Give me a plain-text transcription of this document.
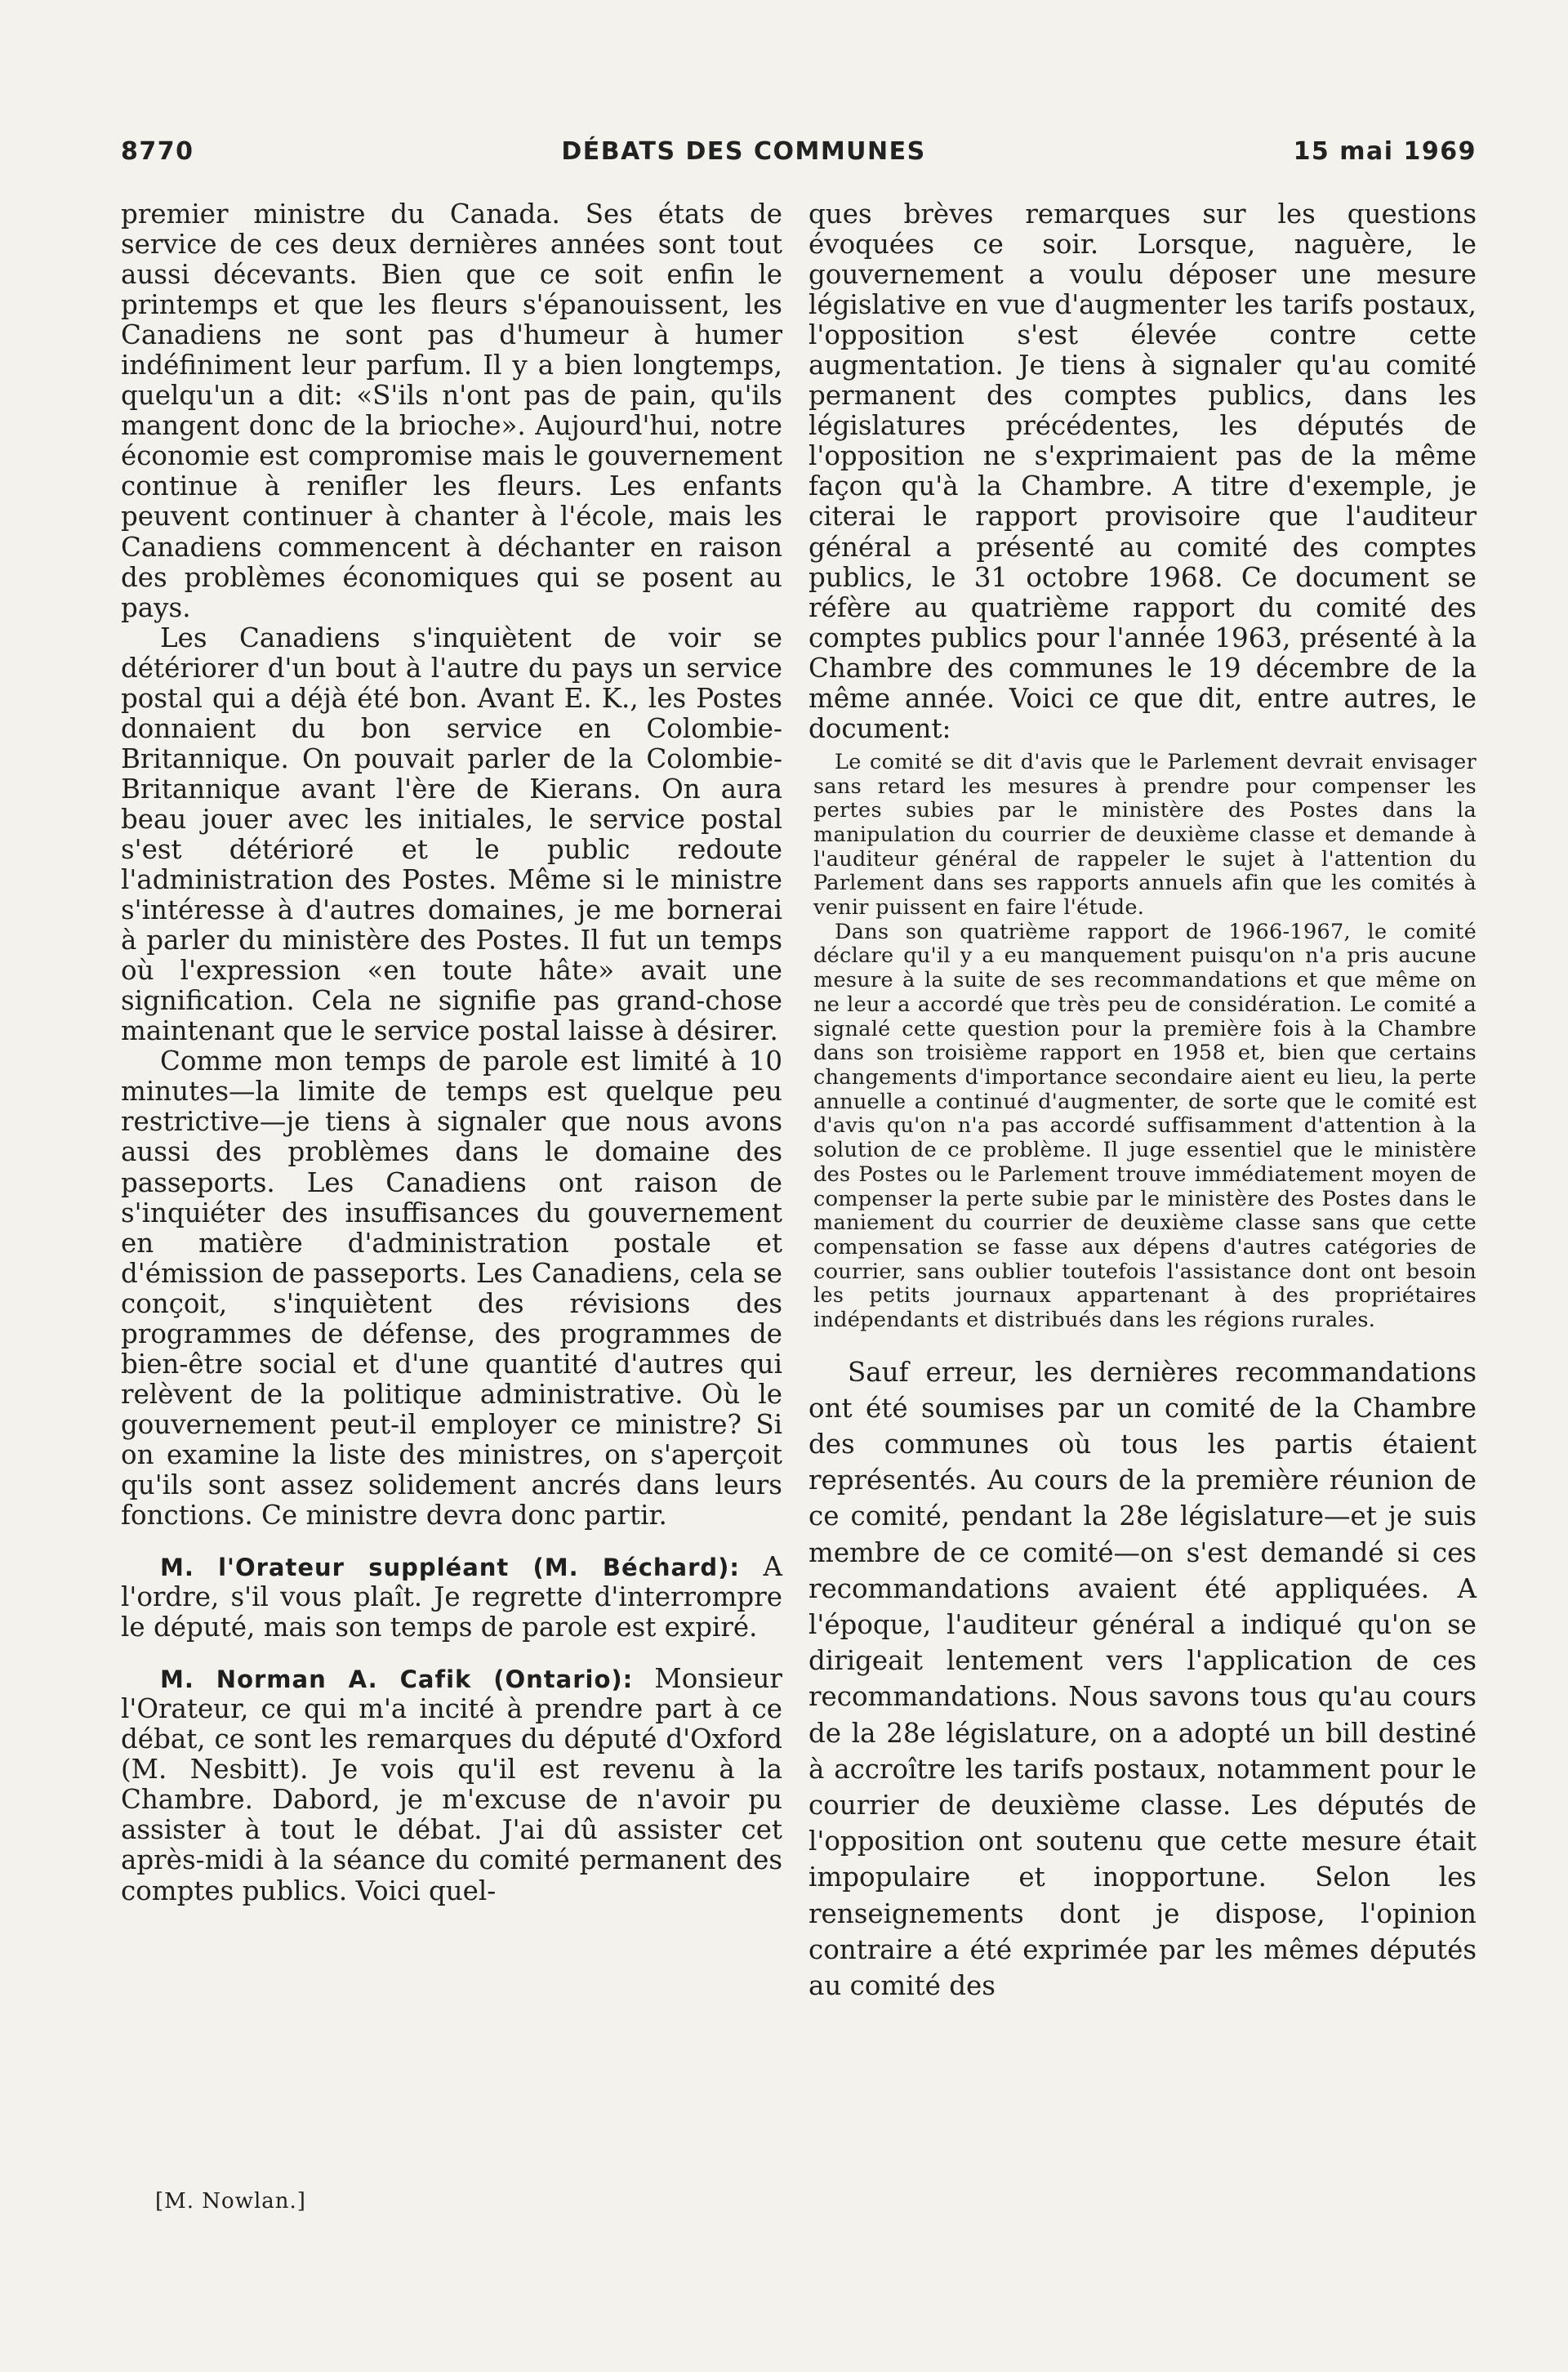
8770	DÉBATS DES COMMUNES	15 mai 1969

premier ministre du Canada. Ses états de service de ces deux dernières années sont tout aussi décevants. Bien que ce soit enfin le printemps et que les fleurs s'épanouissent, les Canadiens ne sont pas d'humeur à humer indéfiniment leur parfum. Il y a bien longtemps, quelqu'un a dit: «S'ils n'ont pas de pain, qu'ils mangent donc de la brioche». Aujourd'hui, notre économie est compromise mais le gouvernement continue à renifler les fleurs. Les enfants peuvent continuer à chanter à l'école, mais les Canadiens commencent à déchanter en raison des problèmes économiques qui se posent au pays.

Les Canadiens s'inquiètent de voir se détériorer d'un bout à l'autre du pays un service postal qui a déjà été bon. Avant E. K., les Postes donnaient du bon service en Colombie-Britannique. On pouvait parler de la Colombie-Britannique avant l'ère de Kierans. On aura beau jouer avec les initiales, le service postal s'est détérioré et le public redoute l'administration des Postes. Même si le ministre s'intéresse à d'autres domaines, je me bornerai à parler du ministère des Postes. Il fut un temps où l'expression «en toute hâte» avait une signification. Cela ne signifie pas grand-chose maintenant que le service postal laisse à désirer.

Comme mon temps de parole est limité à 10 minutes—la limite de temps est quelque peu restrictive—je tiens à signaler que nous avons aussi des problèmes dans le domaine des passeports. Les Canadiens ont raison de s'inquiéter des insuffisances du gouvernement en matière d'administration postale et d'émission de passeports. Les Canadiens, cela se conçoit, s'inquiètent des révisions des programmes de défense, des programmes de bien-être social et d'une quantité d'autres qui relèvent de la politique administrative. Où le gouvernement peut-il employer ce ministre? Si on examine la liste des ministres, on s'aperçoit qu'ils sont assez solidement ancrés dans leurs fonctions. Ce ministre devra donc partir.

M. l'Orateur suppléant (M. Béchard): A l'ordre, s'il vous plaît. Je regrette d'interrompre le député, mais son temps de parole est expiré.

M. Norman A. Cafik (Ontario): Monsieur l'Orateur, ce qui m'a incité à prendre part à ce débat, ce sont les remarques du député d'Oxford (M. Nesbitt). Je vois qu'il est revenu à la Chambre. Dabord, je m'excuse de n'avoir pu assister à tout le débat. J'ai dû assister cet après-midi à la séance du comité permanent des comptes publics. Voici quel-

[M. Nowlan.]

ques brèves remarques sur les questions évoquées ce soir. Lorsque, naguère, le gouvernement a voulu déposer une mesure législative en vue d'augmenter les tarifs postaux, l'opposition s'est élevée contre cette augmentation. Je tiens à signaler qu'au comité permanent des comptes publics, dans les législatures précédentes, les députés de l'opposition ne s'exprimaient pas de la même façon qu'à la Chambre. A titre d'exemple, je citerai le rapport provisoire que l'auditeur général a présenté au comité des comptes publics, le 31 octobre 1968. Ce document se réfère au quatrième rapport du comité des comptes publics pour l'année 1963, présenté à la Chambre des communes le 19 décembre de la même année. Voici ce que dit, entre autres, le document:

Le comité se dit d'avis que le Parlement devrait envisager sans retard les mesures à prendre pour compenser les pertes subies par le ministère des Postes dans la manipulation du courrier de deuxième classe et demande à l'auditeur général de rappeler le sujet à l'attention du Parlement dans ses rapports annuels afin que les comités à venir puissent en faire l'étude.

Dans son quatrième rapport de 1966-1967, le comité déclare qu'il y a eu manquement puisqu'on n'a pris aucune mesure à la suite de ses recommandations et que même on ne leur a accordé que très peu de considération. Le comité a signalé cette question pour la première fois à la Chambre dans son troisième rapport en 1958 et, bien que certains changements d'importance secondaire aient eu lieu, la perte annuelle a continué d'augmenter, de sorte que le comité est d'avis qu'on n'a pas accordé suffisamment d'attention à la solution de ce problème. Il juge essentiel que le ministère des Postes ou le Parlement trouve immédiatement moyen de compenser la perte subie par le ministère des Postes dans le maniement du courrier de deuxième classe sans que cette compensation se fasse aux dépens d'autres catégories de courrier, sans oublier toutefois l'assistance dont ont besoin les petits journaux appartenant à des propriétaires indépendants et distribués dans les régions rurales.

Sauf erreur, les dernières recommandations ont été soumises par un comité de la Chambre des communes où tous les partis étaient représentés. Au cours de la première réunion de ce comité, pendant la 28e législature—et je suis membre de ce comité—on s'est demandé si ces recommandations avaient été appliquées. A l'époque, l'auditeur général a indiqué qu'on se dirigeait lentement vers l'application de ces recommandations. Nous savons tous qu'au cours de la 28e législature, on a adopté un bill destiné à accroître les tarifs postaux, notamment pour le courrier de deuxième classe. Les députés de l'opposition ont soutenu que cette mesure était impopulaire et inopportune. Selon les renseignements dont je dispose, l'opinion contraire a été exprimée par les mêmes députés au comité des
